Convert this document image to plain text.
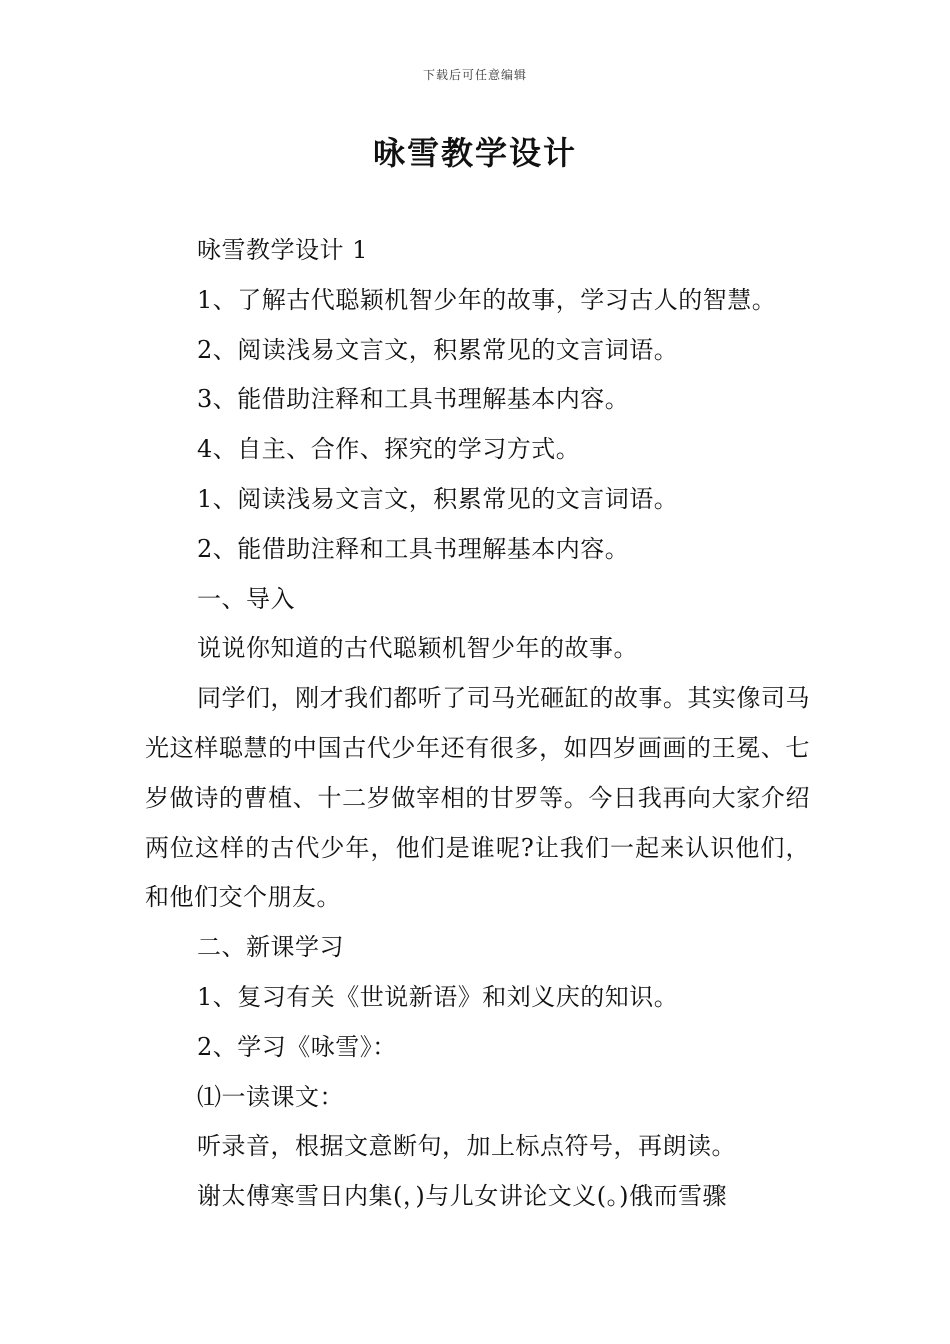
下载后可任意编辑
咏雪教学设计

咏雪教学设计 1

1、了解古代聪颖机智少年的故事，学习古人的智慧。

2、阅读浅易文言文，积累常见的文言词语。

3、能借助注释和工具书理解基本内容。

4、自主、合作、探究的学习方式。

1、阅读浅易文言文，积累常见的文言词语。

2、能借助注释和工具书理解基本内容。

一、导入

说说你知道的古代聪颖机智少年的故事。

同学们，刚才我们都听了司马光砸缸的故事。其实像司马光这样聪慧的中国古代少年还有很多，如四岁画画的王冕、七岁做诗的曹植、十二岁做宰相的甘罗等。今日我再向大家介绍两位这样的古代少年，他们是谁呢?让我们一起来认识他们，和他们交个朋友。

二、新课学习

1、复习有关《世说新语》和刘义庆的知识。

2、学习《咏雪》：

⑴一读课文：

听录音，根据文意断句，加上标点符号，再朗读。

谢太傅寒雪日内集(，)与儿女讲论文义(。)俄而雪骤
